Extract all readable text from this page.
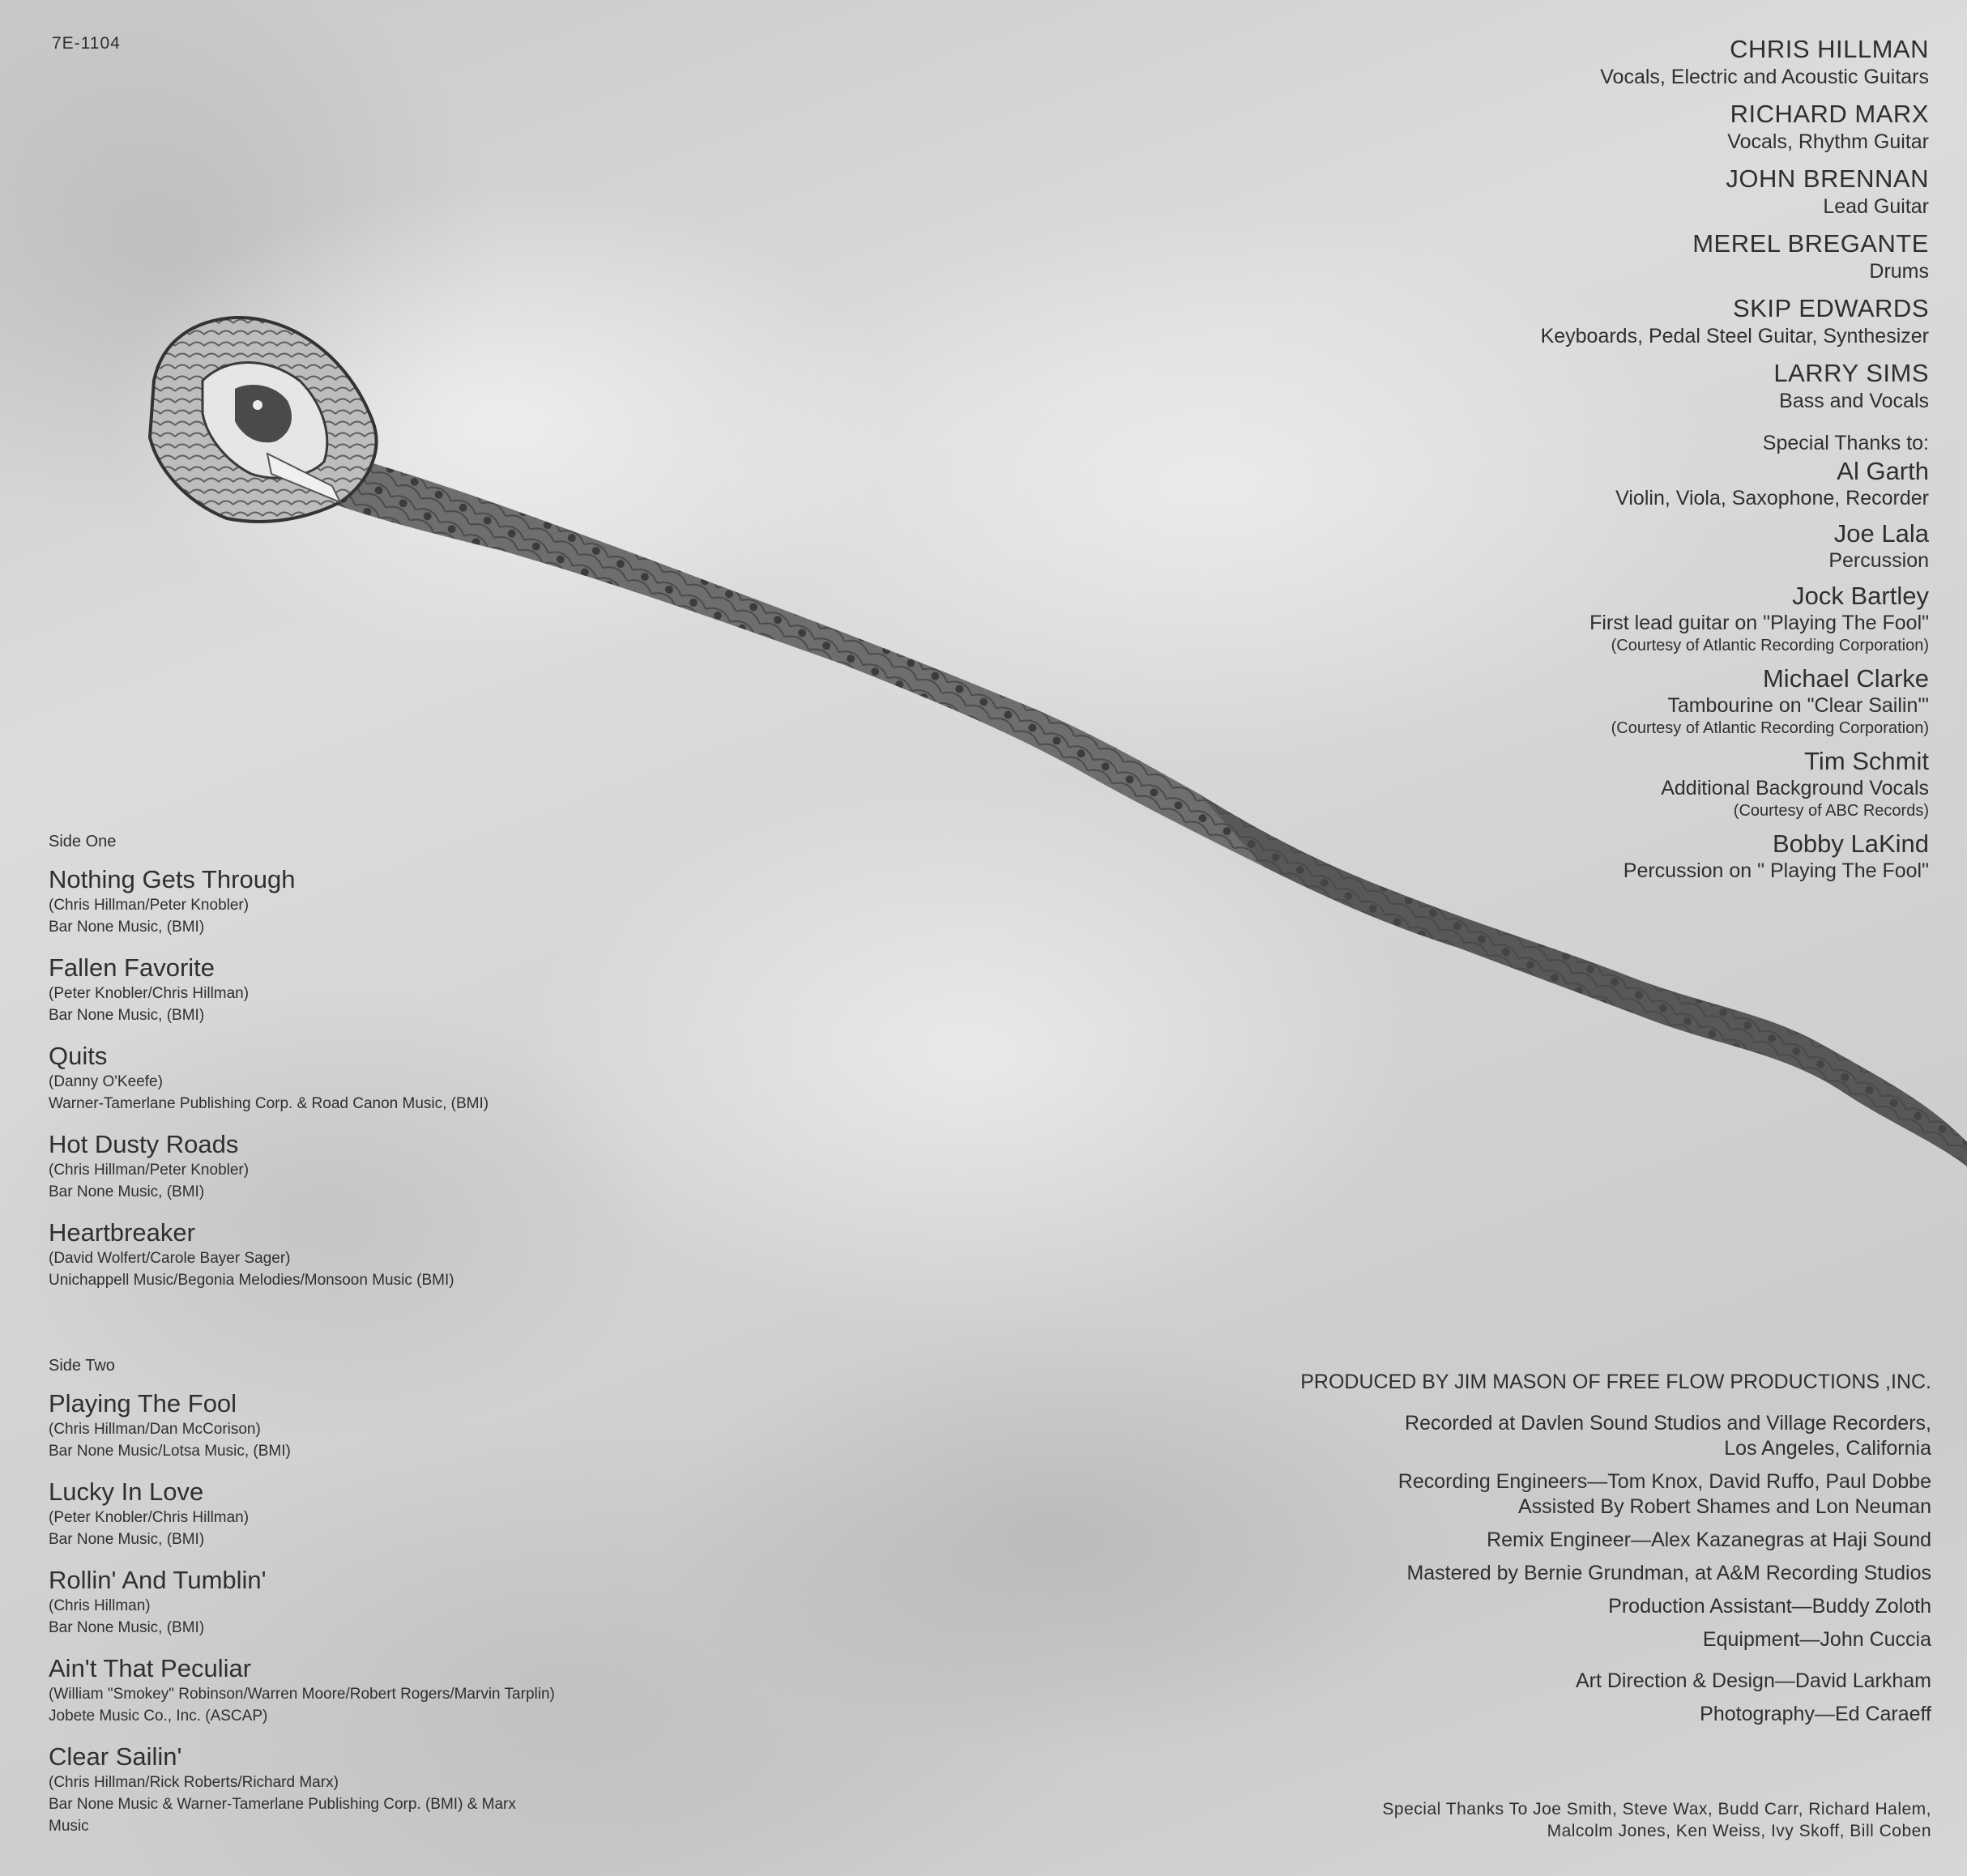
7E-1104	CHRIS HILLMAN
Vocals, Electric and Acoustic Guitars
RICHARD MARX
Vocals, Rhythm Guitar
JOHN BRENNAN
Lead Guitar
MEREL BREGANTE
Drums
SKIP EDWARDS
Keyboards, Pedal Steel Guitar, Synthesizer
LARRY SIMS
Bass and Vocals
Special Thanks to:
Al Garth
Violin, Viola, Saxophone, Recorder
Joe Lala
Percussion
Jock Bartley
First lead guitar on "Playing The Fool"
(Courtesy of Atlantic Recording Corporation)
Michael Clarke
Tambourine on "Clear Sailin'"
(Courtesy of Atlantic Recording Corporation)
Tim Schmit
Additional Background Vocals
(Courtesy of ABC Records)
Bobby LaKind
Percussion on " Playing The Fool"
Side One
Nothing Gets Through
(Chris Hillman/Peter Knobler)
Bar None Music, (BMI)
Fallen Favorite
(Peter Knobler/Chris Hillman)
Bar None Music, (BMI)
Quits
(Danny O'Keefe)
Warner-Tamerlane Publishing Corp. & Road Canon Music, (BMI)
Hot Dusty Roads
(Chris Hillman/Peter Knobler)
Bar None Music, (BMI)
Heartbreaker
(David Wolfert/Carole Bayer Sager)
Unichappell Music/Begonia Melodies/Monsoon Music (BMI)
Side Two
Playing The Fool
(Chris Hillman/Dan McCorison)
Bar None Music/Lotsa Music, (BMI)
Lucky In Love
(Peter Knobler/Chris Hillman)
Bar None Music, (BMI)
Rollin' And Tumblin'
(Chris Hillman)
Bar None Music, (BMI)
Ain't That Peculiar
(William "Smokey" Robinson/Warren Moore/Robert Rogers/Marvin Tarplin)
Jobete Music Co., Inc. (ASCAP)
Clear Sailin'
(Chris Hillman/Rick Roberts/Richard Marx)
Bar None Music & Warner-Tamerlane Publishing Corp. (BMI) & Marx Music
PRODUCED BY JIM MASON OF FREE FLOW PRODUCTIONS ,INC.
Recorded at Davlen Sound Studios and Village Recorders,
Los Angeles, California
Recording Engineers—Tom Knox, David Ruffo, Paul Dobbe
Assisted By Robert Shames and Lon Neuman
Remix Engineer—Alex Kazanegras at Haji Sound
Mastered by Bernie Grundman, at A&M Recording Studios
Production Assistant—Buddy Zoloth
Equipment—John Cuccia
Art Direction & Design—David Larkham
Photography—Ed Caraeff
Special Thanks To Joe Smith, Steve Wax, Budd Carr, Richard Halem,
Malcolm Jones, Ken Weiss, Ivy Skoff, Bill Coben
